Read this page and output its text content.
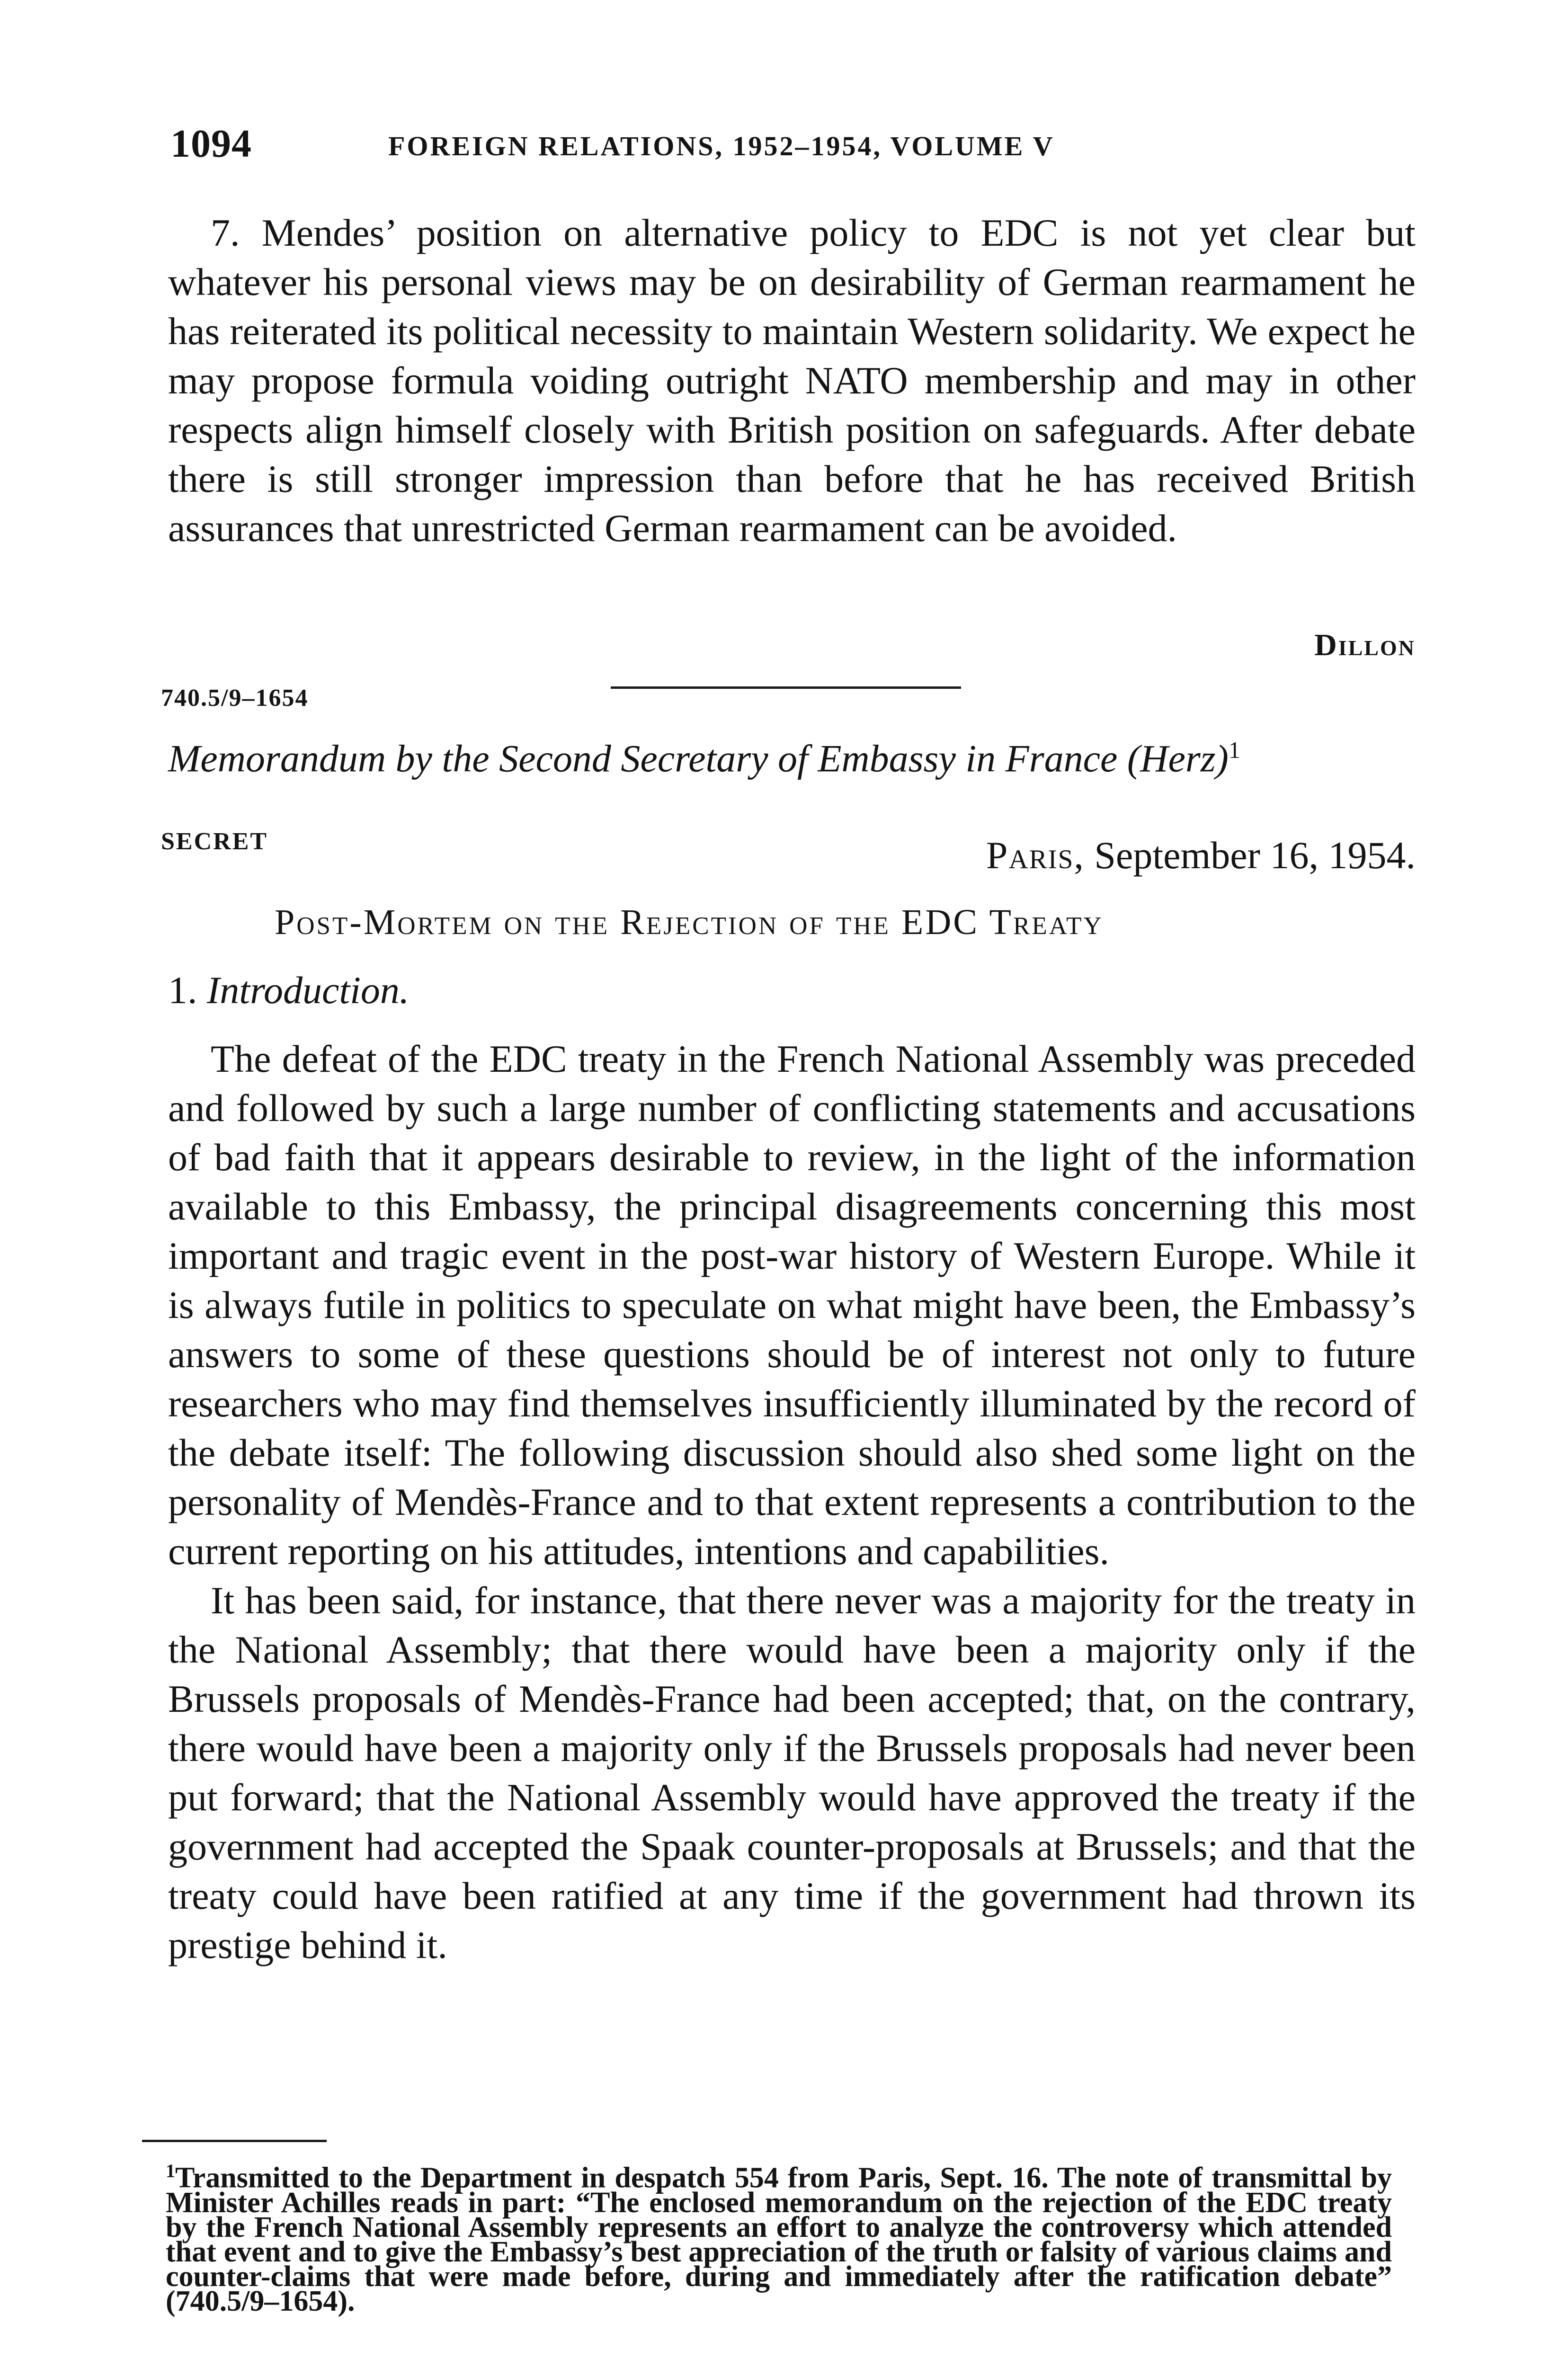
1094	FOREIGN RELATIONS, 1952–1954, VOLUME V

7. Mendes’ position on alternative policy to EDC is not yet clear but whatever his personal views may be on desirability of German rearmament he has reiterated its political necessity to maintain Western solidarity. We expect he may propose formula voiding outright NATO membership and may in other respects align himself closely with British position on safeguards. After debate there is still stronger impression than before that he has received British assurances that unrestricted German rearmament can be avoided.

Dillon
740.5/9–1654
Memorandum by the Second Secretary of Embassy in France (Herz)$^1$
SECRET	Paris, September 16, 1954.
Post-Mortem on the Rejection of the EDC Treaty
1. Introduction.

The defeat of the EDC treaty in the French National Assembly was preceded and followed by such a large number of conflicting statements and accusations of bad faith that it appears desirable to review, in the light of the information available to this Embassy, the principal disagreements concerning this most important and tragic event in the post-war history of Western Europe. While it is always futile in politics to speculate on what might have been, the Embassy’s answers to some of these questions should be of interest not only to future researchers who may find themselves insufficiently illuminated by the record of the debate itself: The following discussion should also shed some light on the personality of Mendès-France and to that extent represents a contribution to the current reporting on his attitudes, intentions and capabilities.

It has been said, for instance, that there never was a majority for the treaty in the National Assembly; that there would have been a majority only if the Brussels proposals of Mendès-France had been accepted; that, on the contrary, there would have been a majority only if the Brussels proposals had never been put forward; that the National Assembly would have approved the treaty if the government had accepted the Spaak counter-proposals at Brussels; and that the treaty could have been ratified at any time if the government had thrown its prestige behind it.

$^1$Transmitted to the Department in despatch 554 from Paris, Sept. 16. The note of transmittal by Minister Achilles reads in part: “The enclosed memorandum on the rejection of the EDC treaty by the French National Assembly represents an effort to analyze the controversy which attended that event and to give the Embassy’s best appreciation of the truth or falsity of various claims and counter-claims that were made before, during and immediately after the ratification debate” (740.5/9–1654).
